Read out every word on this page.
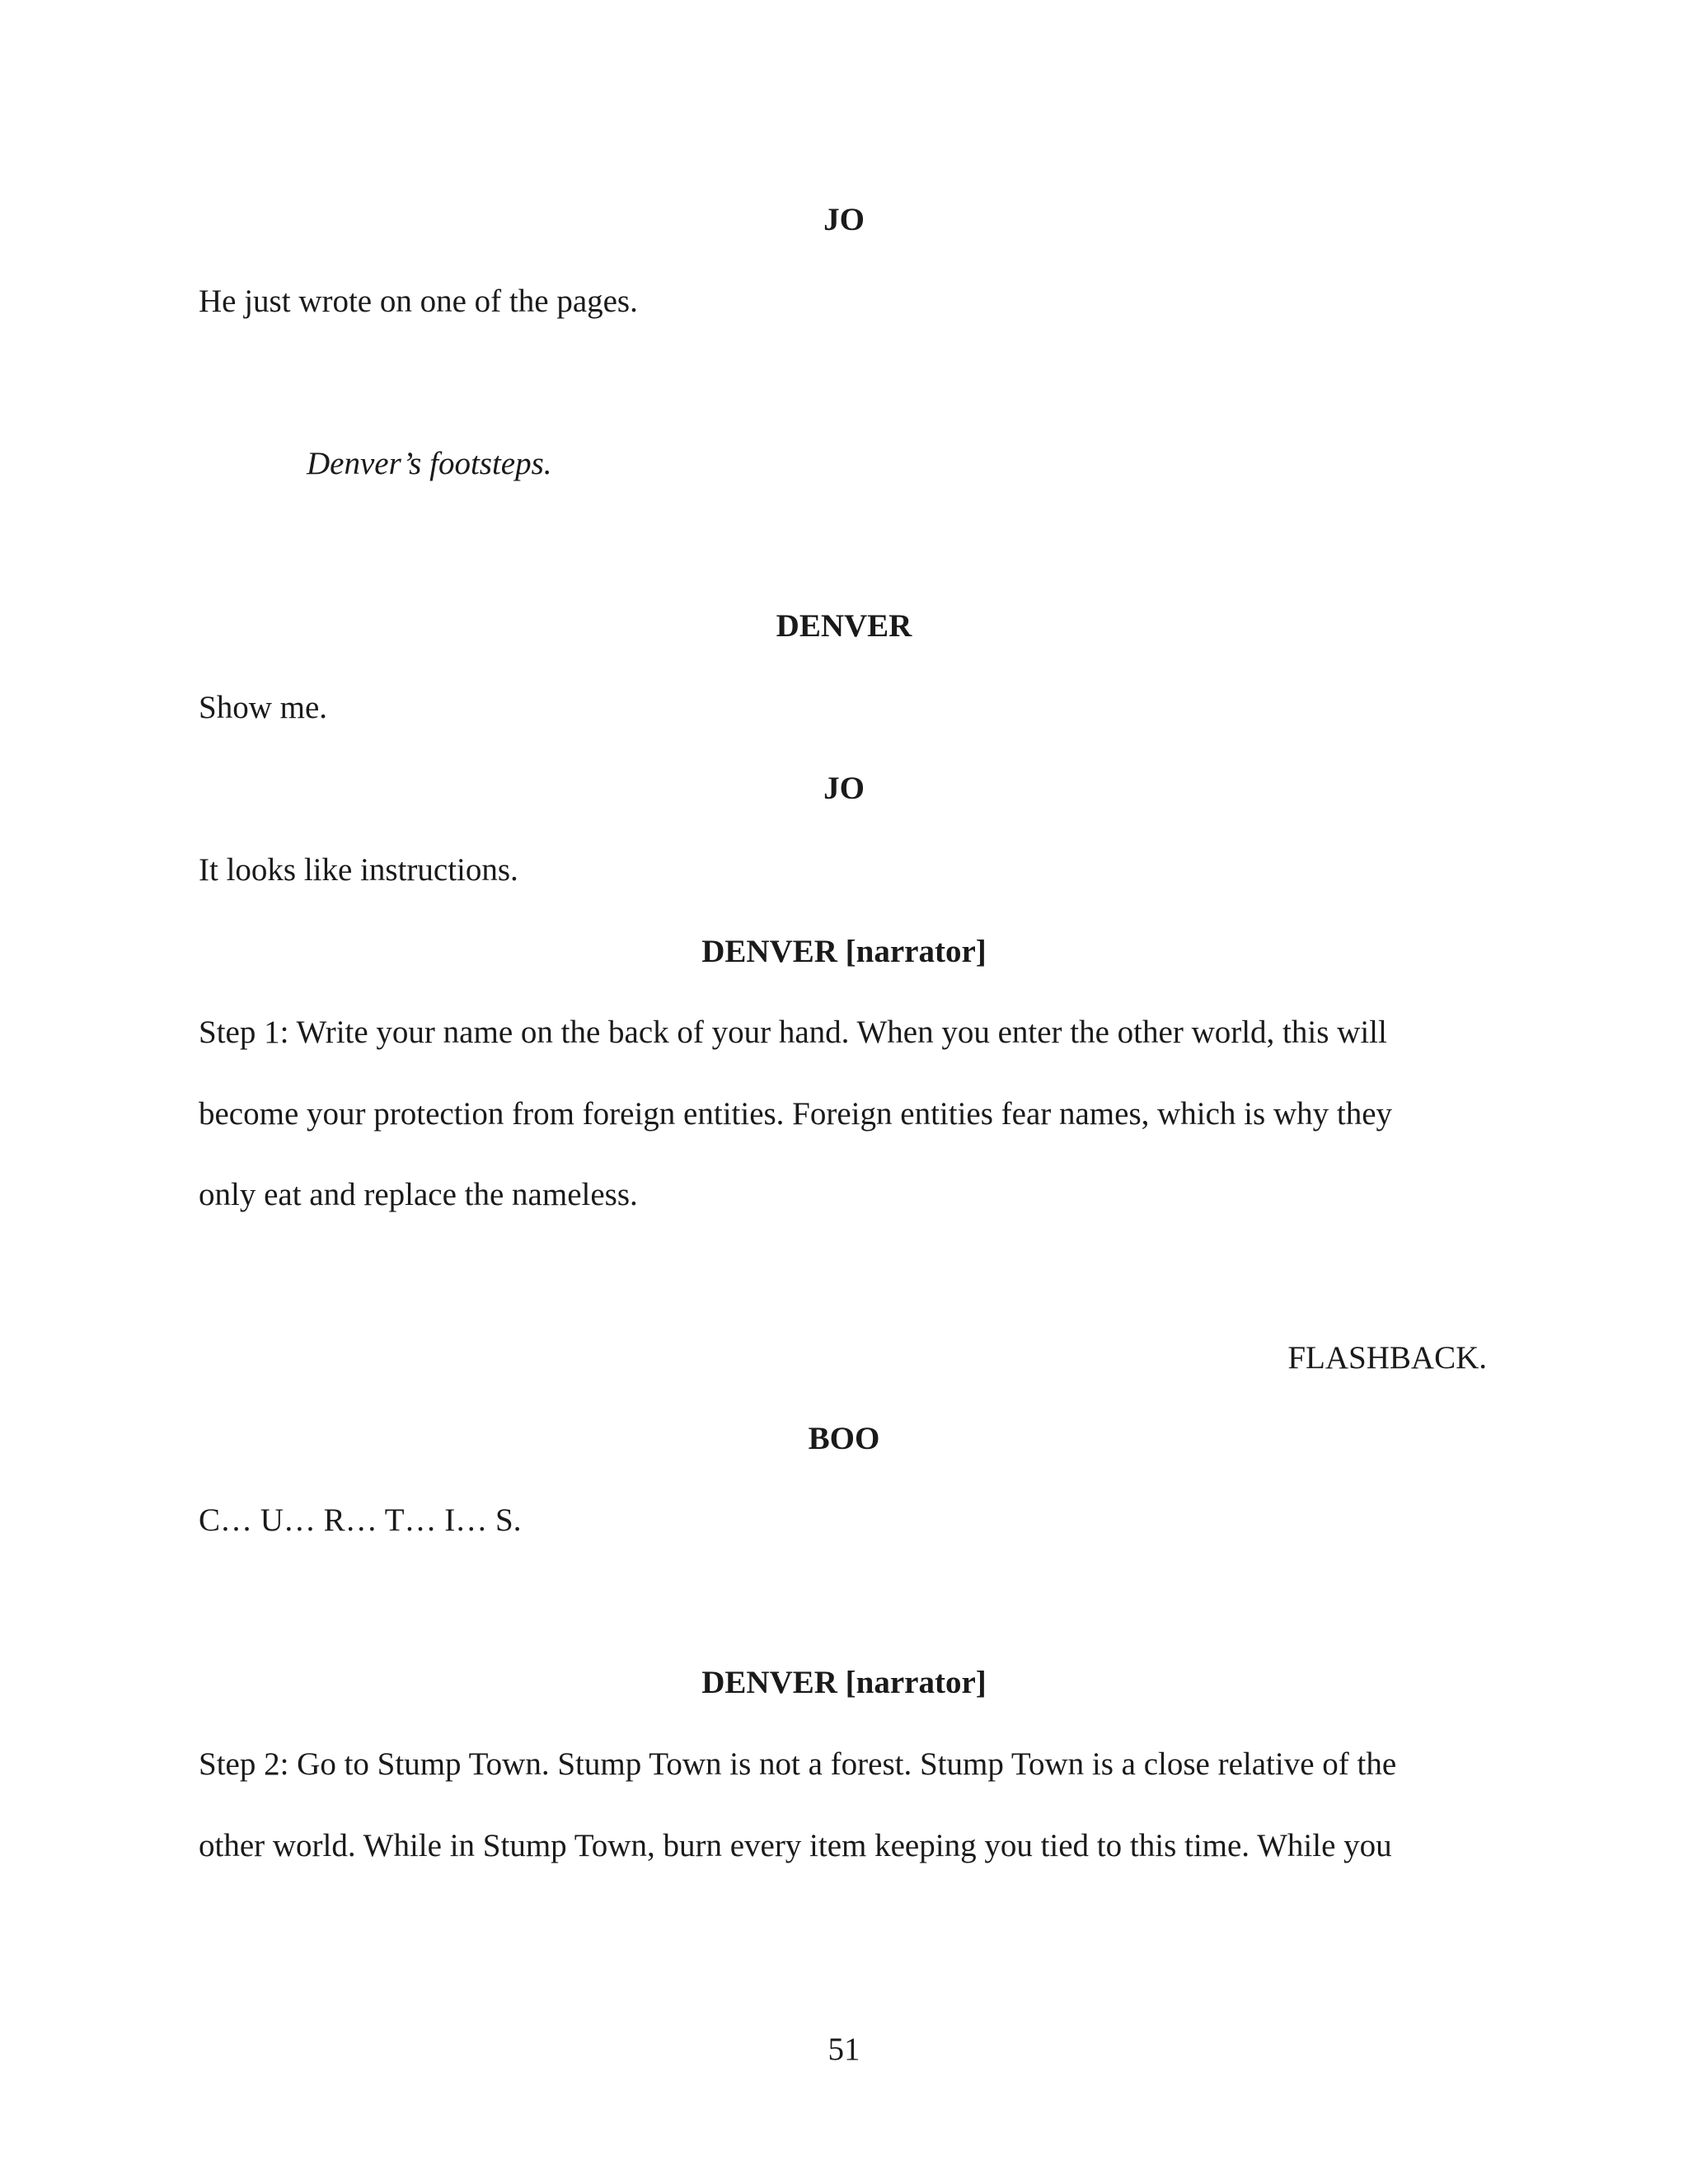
JO
He just wrote on one of the pages.
Denver’s footsteps.
DENVER
Show me.
JO
It looks like instructions.
DENVER [narrator]
Step 1: Write your name on the back of your hand. When you enter the other world, this will
become your protection from foreign entities. Foreign entities fear names, which is why they
only eat and replace the nameless.
FLASHBACK.
BOO
C… U… R… T… I… S.
DENVER [narrator]
Step 2: Go to Stump Town. Stump Town is not a forest. Stump Town is a close relative of the
other world. While in Stump Town, burn every item keeping you tied to this time. While you
51
